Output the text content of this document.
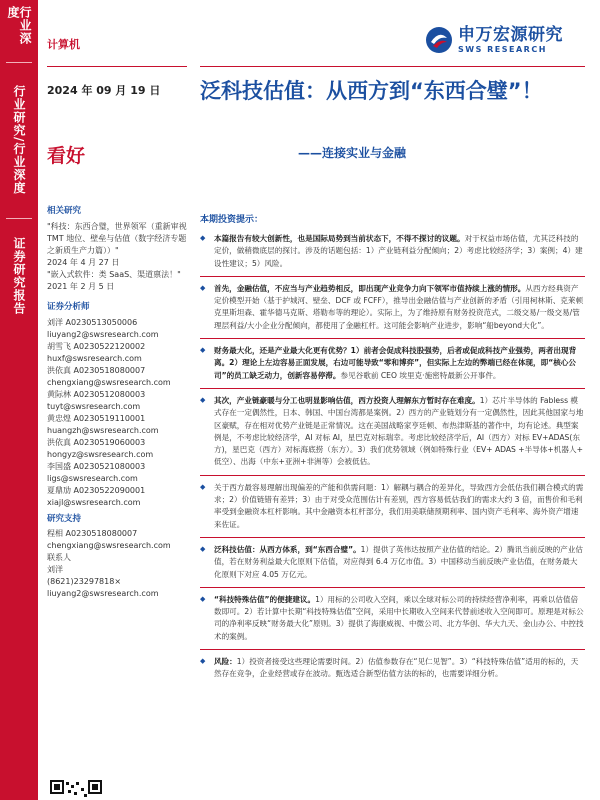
行业深度
行业研究/行业深度
证券研究报告
计算机
2024 年 09 月 19 日
看好
申万宏源研究
SWS RESEARCH
泛科技估值：从西方到“东西合璧”！
——连接实业与金融
相关研究

"科技：东西合璧，世界领军（重新审视TMT 地位、壁垒与估值（数字经济专题之新质生产力篇））"

2024 年 4 月 27 日

"嵌入式软件：类 SaaS、渠道禀法！"

2021 年 2 月 5 日

证券分析师
刘洋 A0230513050006
liuyang2@swsresearch.com
胡雪飞 A0230522120002
huxf@swsresearch.com
洪依真 A0230518080007
chengxiang@swsresearch.com
黄际林 A0230512080003
tuyt@swsresearch.com
黄忠煌 A0230519110001
huangzh@swsresearch.com
洪依真 A0230519060003
hongyz@swsresearch.com
李国盛 A0230521080003
ligs@swsresearch.com
夏鼎劢 A0230522090001
xiajl@swsresearch.com
研究支持
程相 A0230518080007
chengxiang@swsresearch.com
联系人
刘洋
(8621)23297818×
liuyang2@swsresearch.com
本期投资提示：
◆ 本篇报告有较大创新性，也是国际局势到当前状态下，不得不探讨的议题。对于权益市场估值，尤其泛科技的定价，做稍微底层的探讨。涉及的话题包括：1）产业链利益分配倾向；2）考虑比较经济学；3）案例；4）建设性建议；5）风险。
◆ 首先，金融估值，不应当与产业趋势相反，即出现产业竞争力向下领军市值持续上涨的情形。从西方经典资产定价模型开始（基于护城河、壁垒、DCF 或 FCFF），推导出金融估值与产业创新的矛盾（引用柯林斯、克莱顿克里斯坦森、霍华德马克斯、塔勒布等的理论）。实际上，为了维持原有财务投资范式，二级交易/一级交易/管理层利益/大小企业分配倾向，都使用了金融杠杆。这可能会影响产业进步，影响“船beyond大化”。
◆ 财务最大化，还是产业最大化更有优势？1）前者会促成科技股强势，后者或促成科技产业强势，两者出现背离。2）理论上左边容易正面发展，右边可能导致“零和博弈”，但实际上左边的弊端已经在体现，即“核心公司”的员工缺乏动力，创新容易停滞。参见谷歌前 CEO 埃里克·施密特最新公开事件。
◆ 其次，产业链豪暖与分工也明显影响估值，西方投资人理解东方暂时存在难度。1）芯片半导体的 Fabless 模式存在一定偶然性，日本、韩国、中国台湾都是案例。2）西方的产业链划分有一定偶然性，因此其他国家与地区豪赋，存在相对优势产业链是正常情况。这在美国战略家亨廷顿、布热津斯基的著作中，均有论述。典型案例是，不考虑比较经济学，AI 对标 AI，星巴克对标瑞幸。考虑比较经济学后，AI（西方）对标 EV+ADAS(东方)，星巴克（西方）对标海底捞（东方）。3）我们优势领域（例如特殊行业（EV+ ADAS +半导体+机器人+ 低空）、出海（中东+亚洲+非洲等）会被低估。
◆ 关于西方最容易理解出现偏差的产能和供需问题：1）解耦与耦合的差异化，导致西方会低估我们耦合模式的需求；2）价值链错有差异；3）由于对受众范围估计有差别，西方容易低估我们的需求大约 3 倍，而售价和毛利率受到金融资本杠杆影响。其中金融资本杠杆部分，我们用美联储预期利率、国内资产毛利率、海外资产增速来佐证。
◆ 泛科技估值：从西方体系，到“东西合璧”。1）提供了英伟达按照产业估值的结论。2）腾讯当前反映的产业估值，若在财务利益最大化原则下估值，对应得到 6.4 万亿市值。3）中国移动当前反映产业估值，在财务最大化原则下对应 4.05 万亿元。
◆ “科技特殊估值”的便捷建议。1）用标的公司收入空间，乘以全球对标公司的持续经营净利率，再乘以估值倍数即可。2）若计算中长期“科技特殊估值”空间，采用中长期收入空间来代替前述收入空间即可。原理是对标公司的净利率反映“财务最大化”原则。3）提供了海康威视、中微公司、北方华创、华大九天、金山办公、中控技术的案例。
◆ 风险：1）投资者接受这些理论需要时间。2）估值参数存在“见仁见智”。3）“科技特殊估值”适用的标的，天然存在竞争，企业经营或存在波动。甄选适合新型估值方法的标的，也需要详细分析。
